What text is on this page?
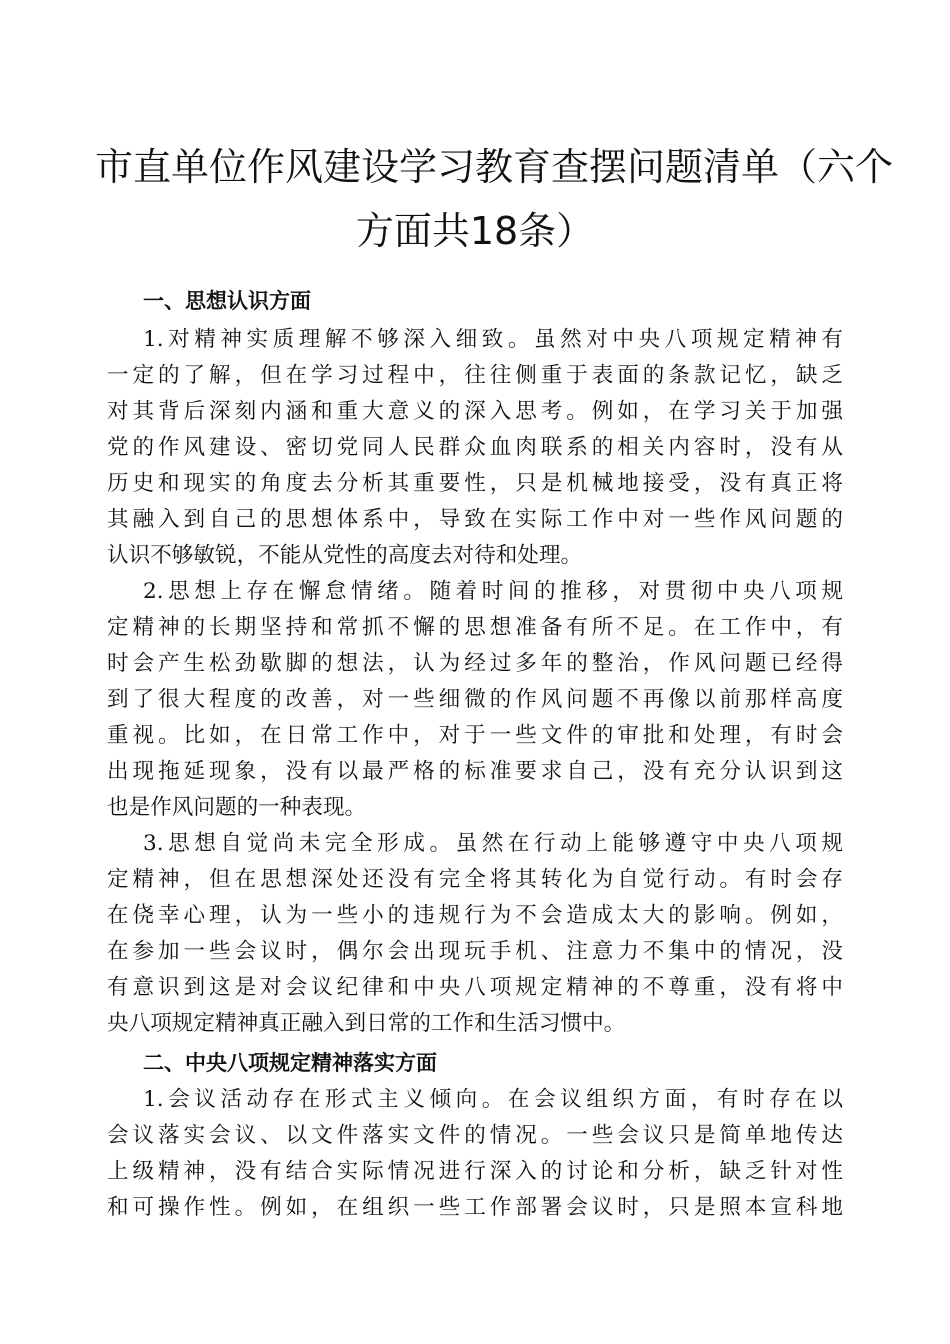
市直单位作风建设学习教育查摆问题清单（六个
方面共18条）
一、思想认识方面
1.对精神实质理解不够深入细致。虽然对中央八项规定精神有
一定的了解，但在学习过程中，往往侧重于表面的条款记忆，缺乏
对其背后深刻内涵和重大意义的深入思考。例如，在学习关于加强
党的作风建设、密切党同人民群众血肉联系的相关内容时，没有从
历史和现实的角度去分析其重要性，只是机械地接受，没有真正将
其融入到自己的思想体系中，导致在实际工作中对一些作风问题的
认识不够敏锐，不能从党性的高度去对待和处理。
2.思想上存在懈怠情绪。随着时间的推移，对贯彻中央八项规
定精神的长期坚持和常抓不懈的思想准备有所不足。在工作中，有
时会产生松劲歇脚的想法，认为经过多年的整治，作风问题已经得
到了很大程度的改善，对一些细微的作风问题不再像以前那样高度
重视。比如，在日常工作中，对于一些文件的审批和处理，有时会
出现拖延现象，没有以最严格的标准要求自己，没有充分认识到这
也是作风问题的一种表现。
3.思想自觉尚未完全形成。虽然在行动上能够遵守中央八项规
定精神，但在思想深处还没有完全将其转化为自觉行动。有时会存
在侥幸心理，认为一些小的违规行为不会造成太大的影响。例如，
在参加一些会议时，偶尔会出现玩手机、注意力不集中的情况，没
有意识到这是对会议纪律和中央八项规定精神的不尊重，没有将中
央八项规定精神真正融入到日常的工作和生活习惯中。
二、中央八项规定精神落实方面
1.会议活动存在形式主义倾向。在会议组织方面，有时存在以
会议落实会议、以文件落实文件的情况。一些会议只是简单地传达
上级精神，没有结合实际情况进行深入的讨论和分析，缺乏针对性
和可操作性。例如，在组织一些工作部署会议时，只是照本宣科地
